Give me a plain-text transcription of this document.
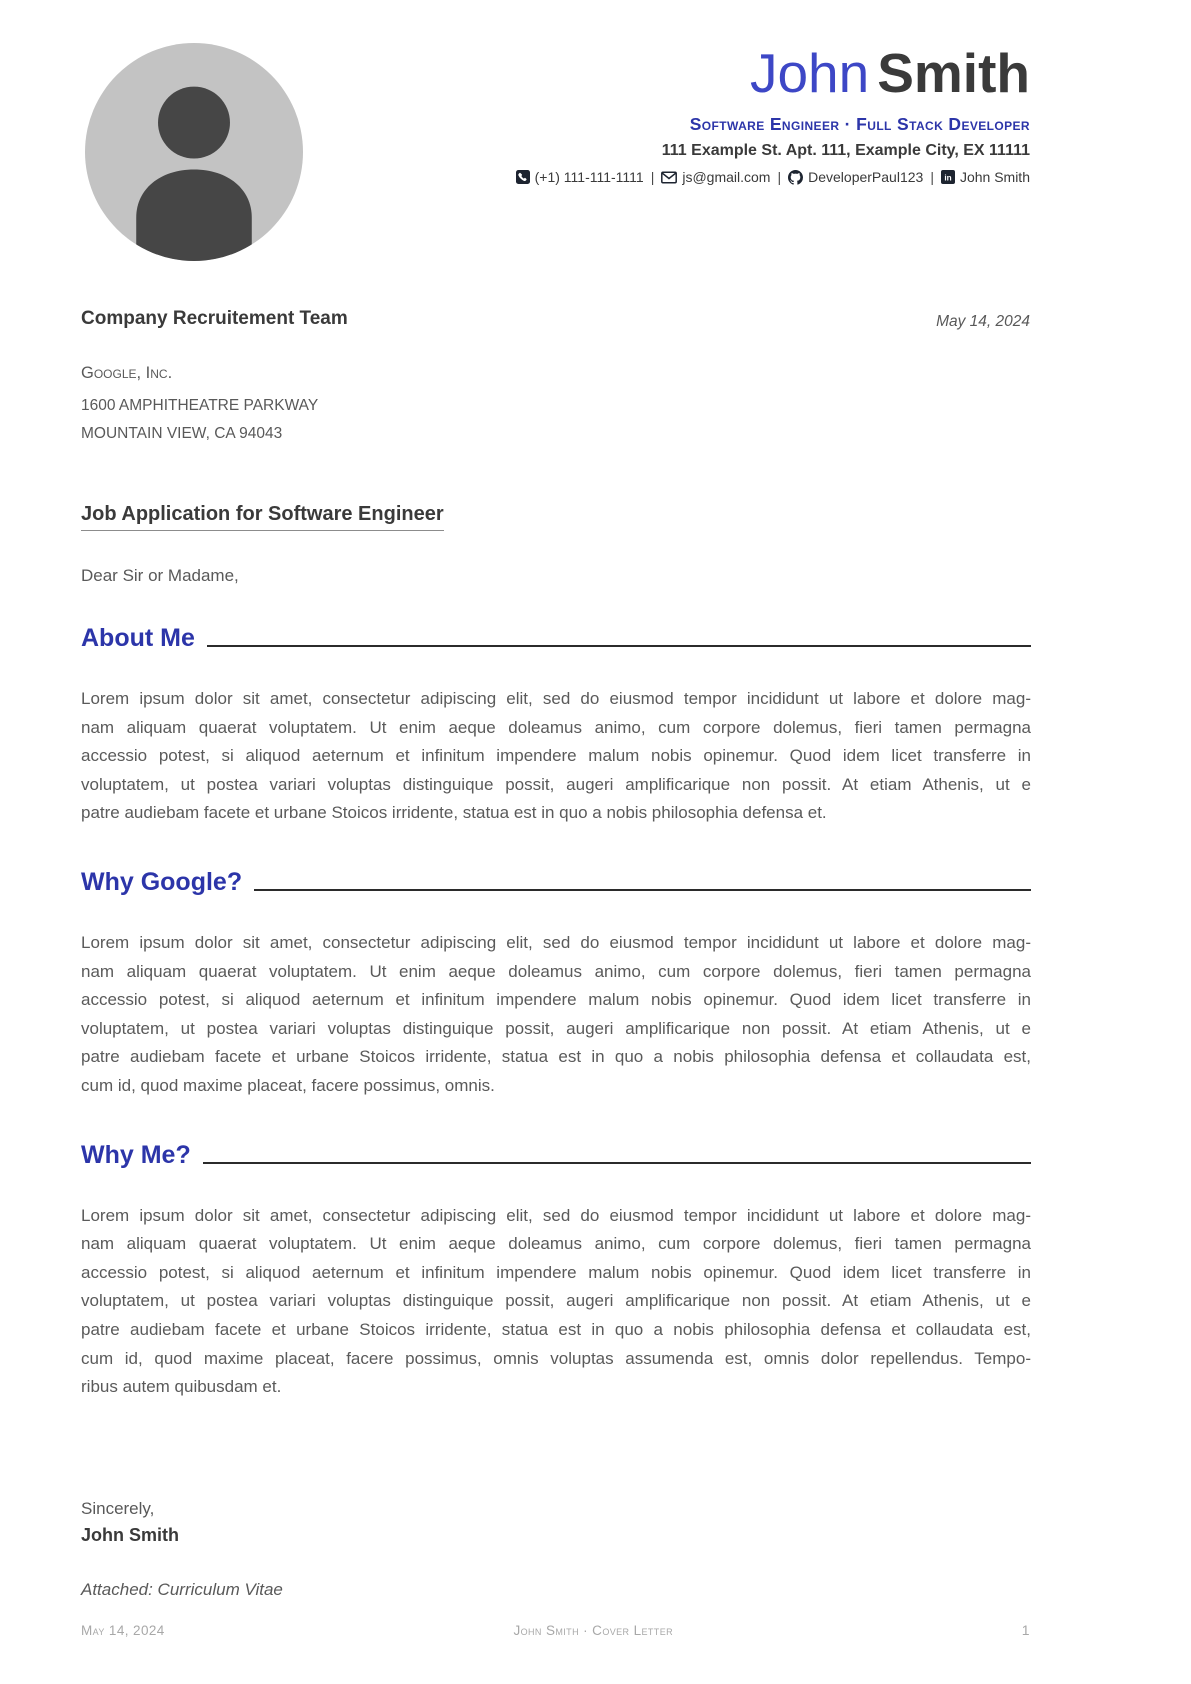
John Smith
Software Engineer · Full Stack Developer
111 Example St. Apt. 111, Example City, EX 11111
(+1) 111-111-1111 | js@gmail.com | DeveloperPaul123 | in John Smith
Company Recruitement Team	May 14, 2024
Google, Inc.
1600 AMPHITHEATRE PARKWAY
MOUNTAIN VIEW, CA 94043
Job Application for Software Engineer
Dear Sir or Madame,
About Me
Lorem ipsum dolor sit amet, consectetur adipiscing elit, sed do eiusmod tempor incididunt ut labore et dolore mag-
nam aliquam quaerat voluptatem. Ut enim aeque doleamus animo, cum corpore dolemus, fieri tamen permagna
accessio potest, si aliquod aeternum et infinitum impendere malum nobis opinemur. Quod idem licet transferre in
voluptatem, ut postea variari voluptas distinguique possit, augeri amplificarique non possit. At etiam Athenis, ut e
patre audiebam facete et urbane Stoicos irridente, statua est in quo a nobis philosophia defensa et.
Why Google?
Lorem ipsum dolor sit amet, consectetur adipiscing elit, sed do eiusmod tempor incididunt ut labore et dolore mag-
nam aliquam quaerat voluptatem. Ut enim aeque doleamus animo, cum corpore dolemus, fieri tamen permagna
accessio potest, si aliquod aeternum et infinitum impendere malum nobis opinemur. Quod idem licet transferre in
voluptatem, ut postea variari voluptas distinguique possit, augeri amplificarique non possit. At etiam Athenis, ut e
patre audiebam facete et urbane Stoicos irridente, statua est in quo a nobis philosophia defensa et collaudata est,
cum id, quod maxime placeat, facere possimus, omnis.
Why Me?
Lorem ipsum dolor sit amet, consectetur adipiscing elit, sed do eiusmod tempor incididunt ut labore et dolore mag-
nam aliquam quaerat voluptatem. Ut enim aeque doleamus animo, cum corpore dolemus, fieri tamen permagna
accessio potest, si aliquod aeternum et infinitum impendere malum nobis opinemur. Quod idem licet transferre in
voluptatem, ut postea variari voluptas distinguique possit, augeri amplificarique non possit. At etiam Athenis, ut e
patre audiebam facete et urbane Stoicos irridente, statua est in quo a nobis philosophia defensa et collaudata est,
cum id, quod maxime placeat, facere possimus, omnis voluptas assumenda est, omnis dolor repellendus. Tempo-
ribus autem quibusdam et.
Sincerely,
John Smith
Attached: Curriculum Vitae
May 14, 2024	John Smith · Cover Letter	1
